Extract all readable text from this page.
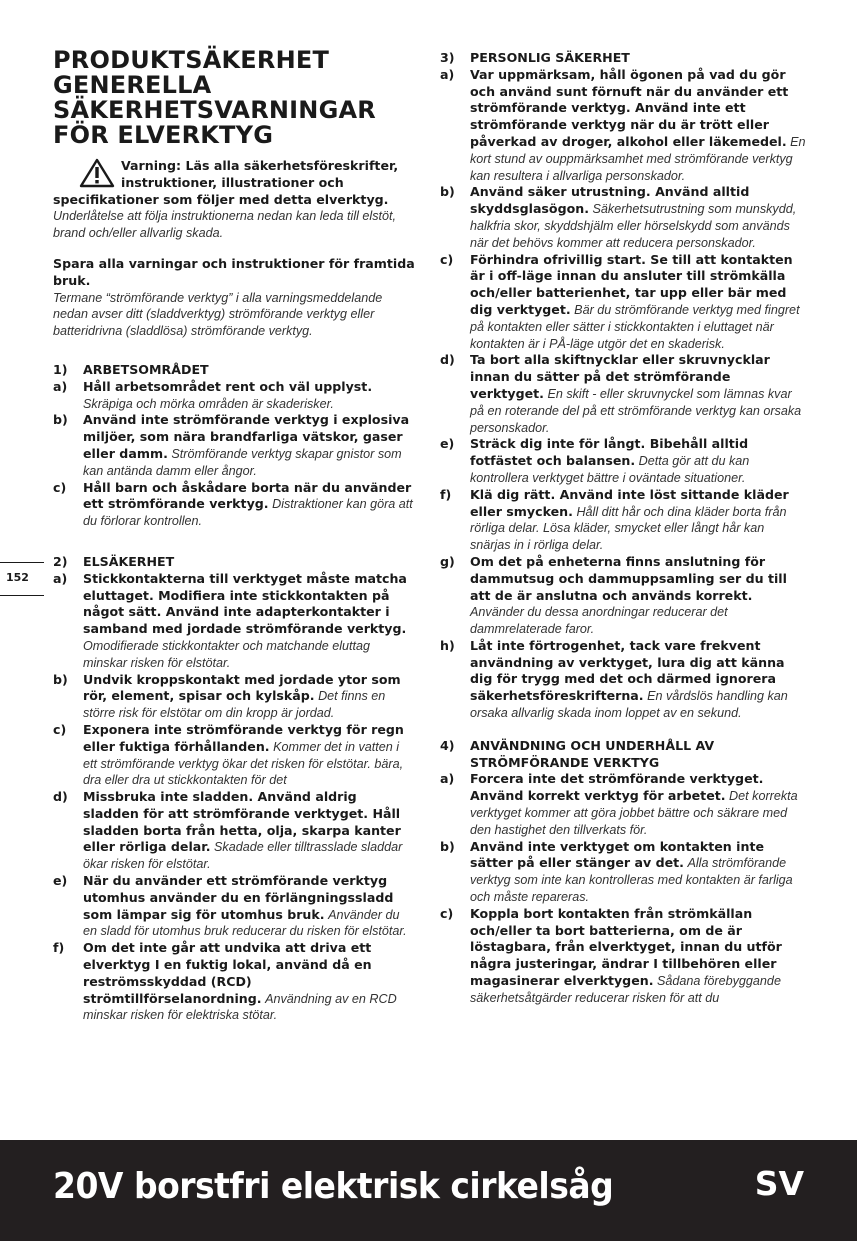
PRODUKTSÄKERHET
GENERELLA
SÄKERHETSVARNINGAR
FÖR ELVERKTYG

Varning: Läs alla säkerhetsföreskrifter, instruktioner, illustrationer och specifikationer som följer med detta elverktyg. Underlåtelse att följa instruktionerna nedan kan leda till elstöt, brand och/eller allvarlig skada.

Spara alla varningar och instruktioner för framtida bruk.
Termane “strömförande verktyg” i alla varningsmeddelande nedan avser ditt (sladdverktyg) strömförande verktyg eller batteridrivna (sladdlösa) strömförande verktyg.

1)	ARBETSOMRÅDET
a)	Håll arbetsområdet rent och väl upplyst. Skräpiga och mörka områden är skaderisker.
b)	Använd inte strömförande verktyg i explosiva miljöer, som nära brandfarliga vätskor, gaser eller damm. Strömförande verktyg skapar gnistor som kan antända damm eller ångor.
c)	Håll barn och åskådare borta när du använder ett strömförande verktyg. Distraktioner kan göra att du förlorar kontrollen.
2)	ELSÄKERHET
a)	Stickkontakterna till verktyget måste matcha eluttaget. Modifiera inte stickkontakten på något sätt. Använd inte adapterkontakter i samband med jordade strömförande verktyg. Omodifierade stickkontakter och matchande eluttag minskar risken för elstötar.
b)	Undvik kroppskontakt med jordade ytor som rör, element, spisar och kylskåp. Det finns en större risk för elstötar om din kropp är jordad.
c)	Exponera inte strömförande verktyg för regn eller fuktiga förhållanden. Kommer det in vatten i ett strömförande verktyg ökar det risken för elstötar. bära, dra eller dra ut stickkontakten för det
d)	Missbruka inte sladden. Använd aldrig sladden för att strömförande verktyget. Håll sladden borta från hetta, olja, skarpa kanter eller rörliga delar. Skadade eller tilltrasslade sladdar ökar risken för elstötar.
e)	När du använder ett strömförande verktyg utomhus använder du en förlängningssladd som lämpar sig för utomhus bruk. Använder du en sladd för utomhus bruk reducerar du risken för elstötar.
f)	Om det inte går att undvika att driva ett elverktyg I en fuktig lokal, använd då en reströmsskyddad (RCD) strömtillförselanordning. Användning av en RCD minskar risken för elektriska stötar.
3)	PERSONLIG SÄKERHET
a)	Var uppmärksam, håll ögonen på vad du gör och använd sunt förnuft när du använder ett strömförande verktyg. Använd inte ett strömförande verktyg när du är trött eller påverkad av droger, alkohol eller läkemedel. En kort stund av ouppmärksamhet med strömförande verktyg kan resultera i allvarliga personskador.
b)	Använd säker utrustning. Använd alltid skyddsglasögon. Säkerhetsutrustning som munskydd, halkfria skor, skyddshjälm eller hörselskydd som används när det behövs kommer att reducera personskador.
c)	Förhindra ofrivillig start. Se till att kontakten är i off-läge innan du ansluter till strömkälla och/eller batterienhet, tar upp eller bär med dig verktyget. Bär du strömförande verktyg med fingret på kontakten eller sätter i stickkontakten i eluttaget när kontakten är i PÅ-läge utgör det en skaderisk.
d)	Ta bort alla skiftnycklar eller skruvnycklar innan du sätter på det strömförande verktyget. En skift - eller skruvnyckel som lämnas kvar på en roterande del på ett strömförande verktyg kan orsaka personskador.
e)	Sträck dig inte för långt. Bibehåll alltid fotfästet och balansen. Detta gör att du kan kontrollera verktyget bättre i oväntade situationer.
f)	Klä dig rätt. Använd inte löst sittande kläder eller smycken. Håll ditt hår och dina kläder borta från rörliga delar. Lösa kläder, smycket eller långt hår kan snärjas in i rörliga delar.
g)	Om det på enheterna finns anslutning för dammutsug och dammuppsamling ser du till att de är anslutna och används korrekt. Använder du dessa anordningar reducerar det dammrelaterade faror.
h)	Låt inte förtrogenhet, tack vare frekvent användning av verktyget, lura dig att känna dig för trygg med det och därmed ignorera säkerhetsföreskrifterna. En vårdslös handling kan orsaka allvarlig skada inom loppet av en sekund.
4)	ANVÄNDNING OCH UNDERHÅLL AV STRÖMFÖRANDE VERKTYG
a)	Forcera inte det strömförande verktyget. Använd korrekt verktyg för arbetet. Det korrekta verktyget kommer att göra jobbet bättre och säkrare med den hastighet den tillverkats för.
b)	Använd inte verktyget om kontakten inte sätter på eller stänger av det. Alla strömförande verktyg som inte kan kontrolleras med kontakten är farliga och måste repareras.
c)	Koppla bort kontakten från strömkällan och/eller ta bort batterierna, om de är löstagbara, från elverktyget, innan du utför några justeringar, ändrar I tillbehören eller magasinerar elverktygen. Sådana förebyggande säkerhetsåtgärder reducerar risken för att du
152
20V borstfri elektrisk cirkelsåg	SV
